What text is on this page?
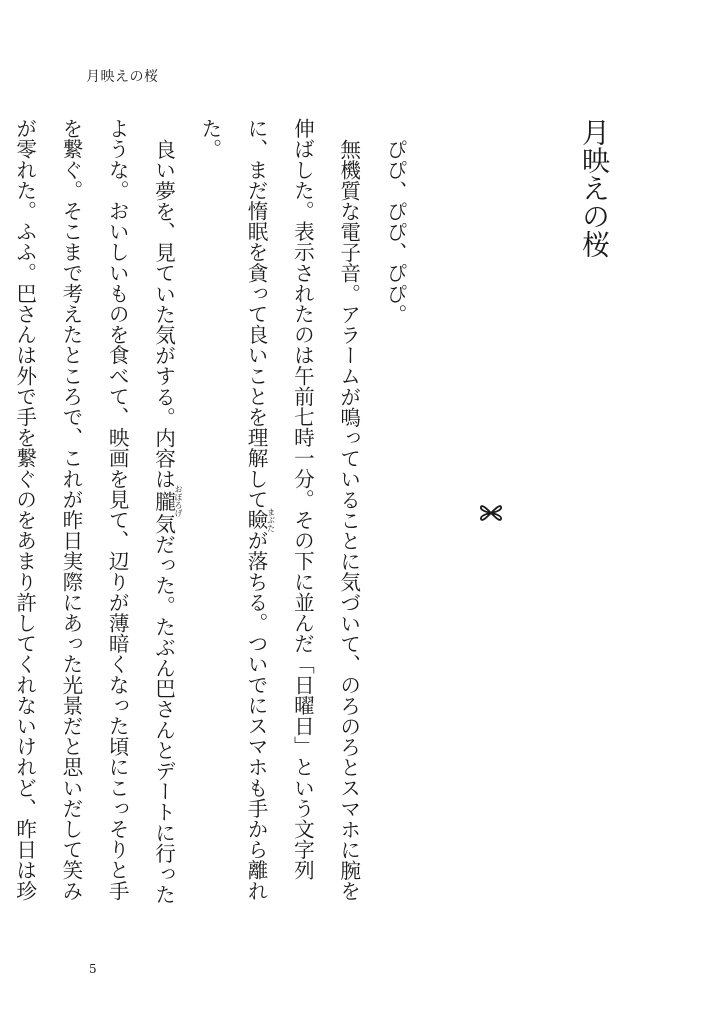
月映えの桜
月映えの桜

ぴぴ、ぴぴ、ぴぴ。

無機質な電子音。アラームが鳴っていることに気づいて、のろのろとスマホに腕を伸ばした。表示されたのは午前七時一分。その下に並んだ「日曜日」という文字列に、まだ惰眠を貪って良いことを理解して瞼まぶたが落ちる。ついでにスマホも手から離れた。

良い夢を、見ていた気がする。内容は朧おぼろげ気だった。たぶん巴さんとデートに行ったような。おいしいものを食べて、映画を見て、辺りが薄暗くなった頃にこっそりと手を繋ぐ。そこまで考えたところで、これが昨日実際にあった光景だと思いだして笑みが零れた。ふふ。巴さんは外で手を繋ぐのをあまり許してくれないけれど、昨日は珍

5
